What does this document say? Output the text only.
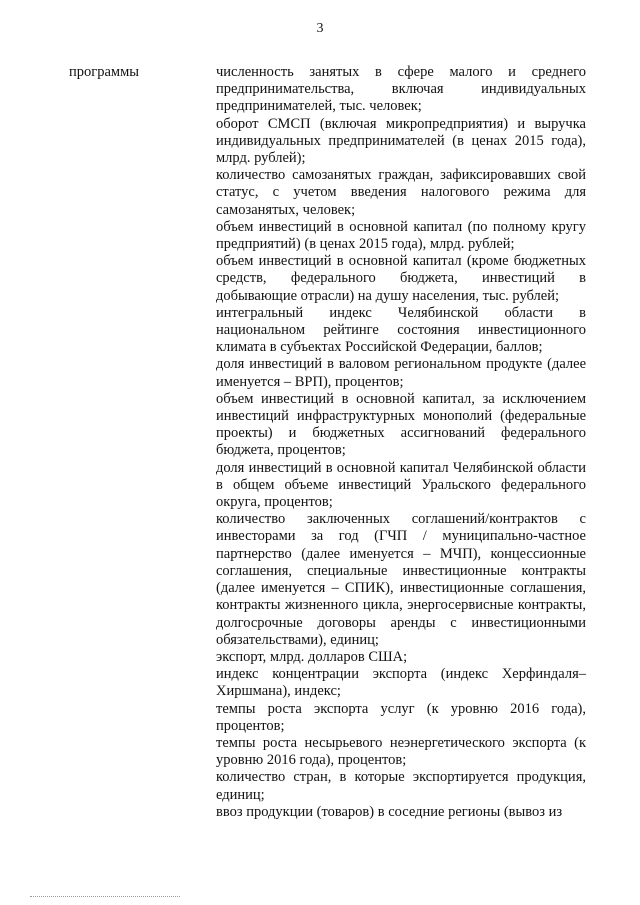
3
программы	численность занятых в сфере малого и среднего предпринимательства, включая индивидуальных предпринимателей, тыс. человек;
оборот СМСП (включая микропредприятия) и выручка индивидуальных предпринимателей (в ценах 2015 года), млрд. рублей);
количество самозанятых граждан, зафиксировавших свой статус, с учетом введения налогового режима для самозанятых, человек;
объем инвестиций в основной капитал (по полному кругу предприятий) (в ценах 2015 года), млрд. рублей;
объем инвестиций в основной капитал (кроме бюджетных средств, федерального бюджета, инвестиций в добывающие отрасли) на душу населения, тыс. рублей;
интегральный индекс Челябинской области в национальном рейтинге состояния инвестиционного климата в субъектах Российской Федерации, баллов;
доля инвестиций в валовом региональном продукте (далее именуется – ВРП), процентов;
объем инвестиций в основной капитал, за исключением инвестиций инфраструктурных монополий (федеральные проекты) и бюджетных ассигнований федерального бюджета, процентов;
доля инвестиций в основной капитал Челябинской области в общем объеме инвестиций Уральского федерального округа, процентов;
количество заключенных соглашений/контрактов с инвесторами за год (ГЧП / муниципально-частное партнерство (далее именуется – МЧП), концессионные соглашения, специальные инвестиционные контракты (далее именуется – СПИК), инвестиционные соглашения, контракты жизненного цикла, энергосервисные контракты, долгосрочные договоры аренды с инвестиционными обязательствами), единиц;
экспорт, млрд. долларов США;
индекс концентрации экспорта (индекс Херфиндаля–Хиршмана), индекс;
темпы роста экспорта услуг (к уровню 2016 года), процентов;
темпы роста несырьевого неэнергетического экспорта (к уровню 2016 года), процентов;
количество стран, в которые экспортируется продукция, единиц;
ввоз продукции (товаров) в соседние регионы (вывоз из
